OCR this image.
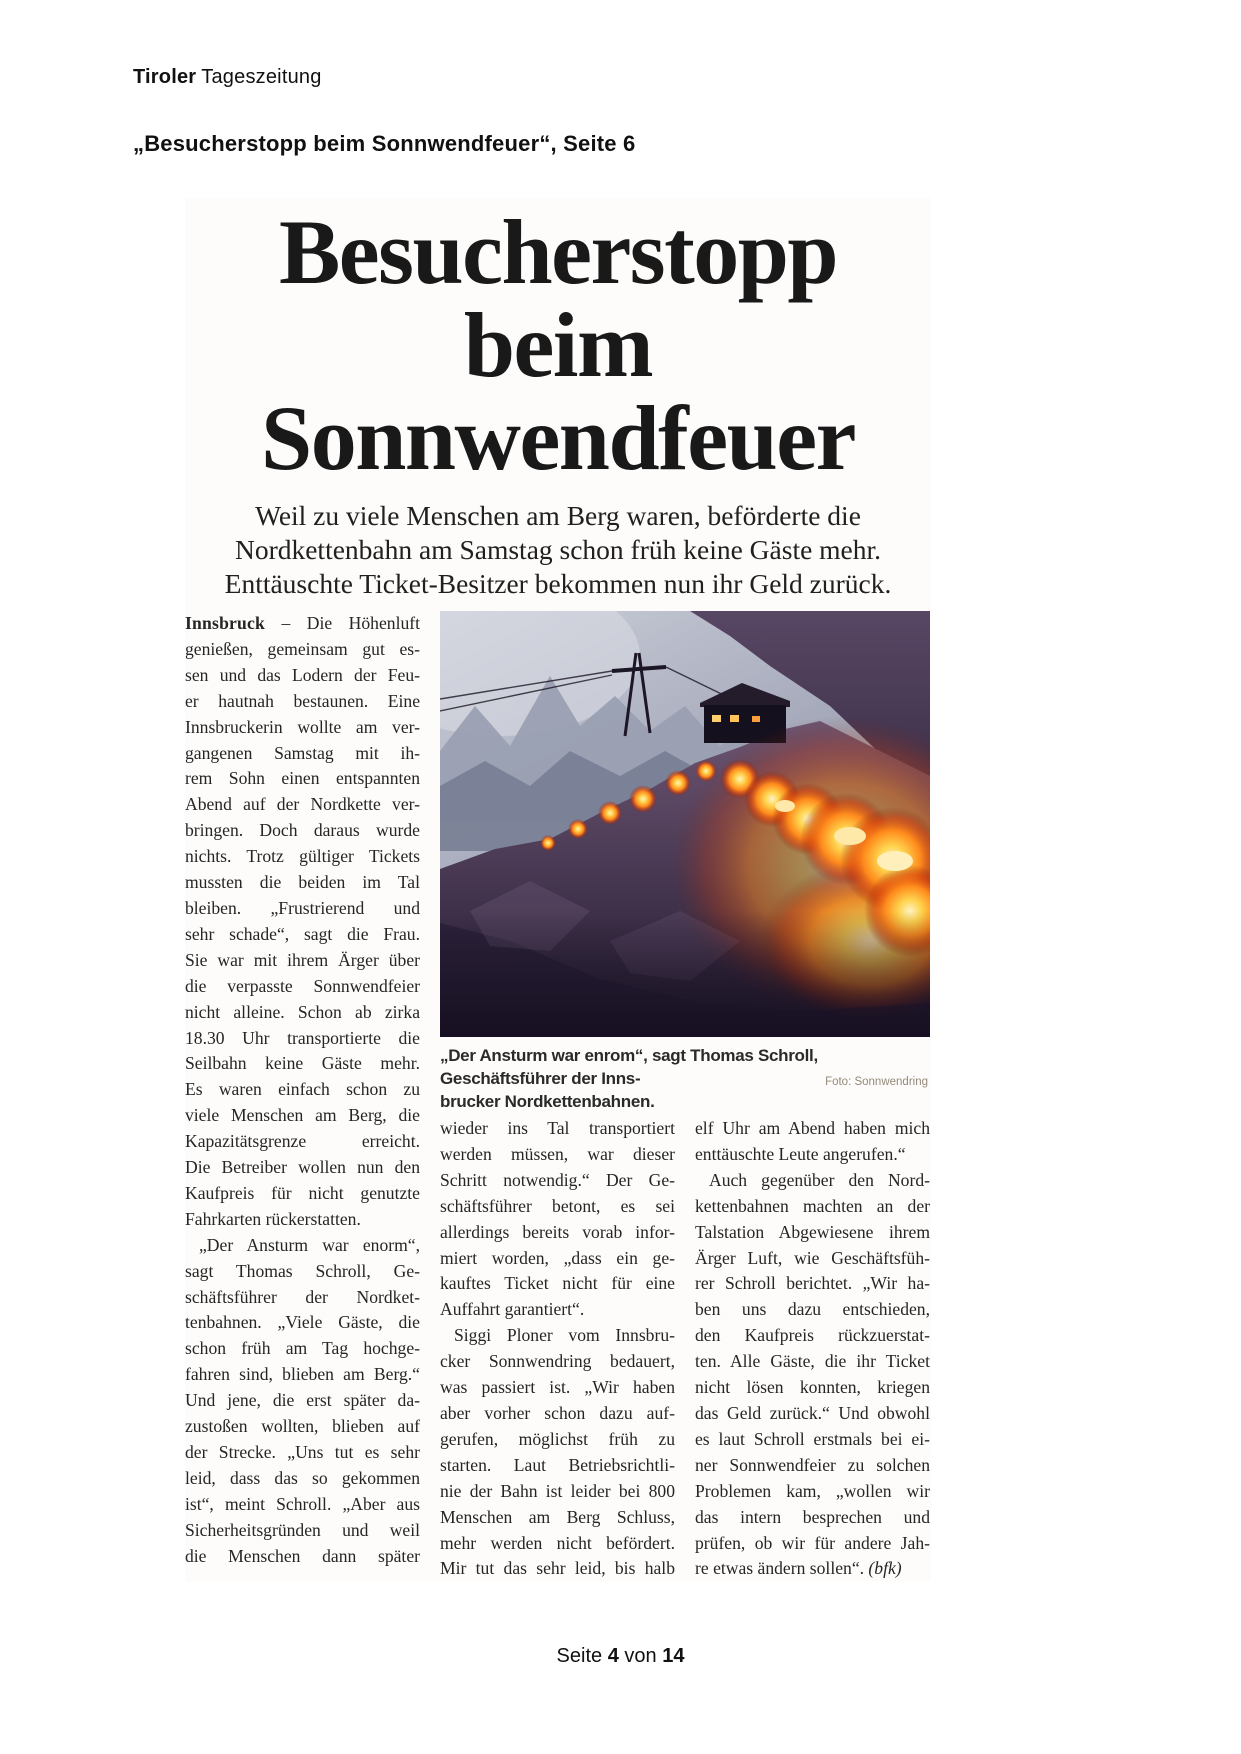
Tiroler Tageszeitung
„Besucherstopp beim Sonnwendfeuer“, Seite 6
Besucherstopp beim
Sonnwendfeuer
Weil zu viele Menschen am Berg waren, beförderte die
Nordkettenbahn am Samstag schon früh keine Gäste mehr.
Enttäuschte Ticket-Besitzer bekommen nun ihr Geld zurück.
Innsbruck – Die Höhenluft
genießen, gemeinsam gut es-
sen und das Lodern der Feu-
er hautnah bestaunen. Eine
Innsbruckerin wollte am ver-
gangenen Samstag mit ih-
rem Sohn einen entspannten
Abend auf der Nordkette ver-
bringen. Doch daraus wurde
nichts. Trotz gültiger Tickets
mussten die beiden im Tal
bleiben. „Frustrierend und
sehr schade“, sagt die Frau.
Sie war mit ihrem Ärger über
die verpasste Sonnwendfeier
nicht alleine. Schon ab zirka
18.30 Uhr transportierte die
Seilbahn keine Gäste mehr.
Es waren einfach schon zu
viele Menschen am Berg, die
Kapazitätsgrenze erreicht.
Die Betreiber wollen nun den
Kaufpreis für nicht genutzte
Fahrkarten rückerstatten.
„Der Ansturm war enorm“,
sagt Thomas Schroll, Ge-
schäftsführer der Nordket-
tenbahnen. „Viele Gäste, die
schon früh am Tag hochge-
fahren sind, blieben am Berg.“
Und jene, die erst später da-
zustoßen wollten, blieben auf
der Strecke. „Uns tut es sehr
leid, dass das so gekommen
ist“, meint Schroll. „Aber aus
Sicherheitsgründen und weil
die Menschen dann später
wieder ins Tal transportiert
werden müssen, war dieser
Schritt notwendig.“ Der Ge-
schäftsführer betont, es sei
allerdings bereits vorab infor-
miert worden, „dass ein ge-
kauftes Ticket nicht für eine
Auffahrt garantiert“.
Siggi Ploner vom Innsbru-
cker Sonnwendring bedauert,
was passiert ist. „Wir haben
aber vorher schon dazu auf-
gerufen, möglichst früh zu
starten. Laut Betriebsrichtli-
nie der Bahn ist leider bei 800
Menschen am Berg Schluss,
mehr werden nicht befördert.
Mir tut das sehr leid, bis halb
elf Uhr am Abend haben mich
enttäuschte Leute angerufen.“
Auch gegenüber den Nord-
kettenbahnen machten an der
Talstation Abgewiesene ihrem
Ärger Luft, wie Geschäftsfüh-
rer Schroll berichtet. „Wir ha-
ben uns dazu entschieden,
den Kaufpreis rückzuerstat-
ten. Alle Gäste, die ihr Ticket
nicht lösen konnten, kriegen
das Geld zurück.“ Und obwohl
es laut Schroll erstmals bei ei-
ner Sonnwendfeier zu solchen
Problemen kam, „wollen wir
das intern besprechen und
prüfen, ob wir für andere Jah-
re etwas ändern sollen“. (bfk)
„Der Ansturm war enrom“, sagt Thomas Schroll, Geschäftsführer der Inns-
brucker Nordkettenbahnen.
Foto: Sonnwendring
Seite 4 von 14
